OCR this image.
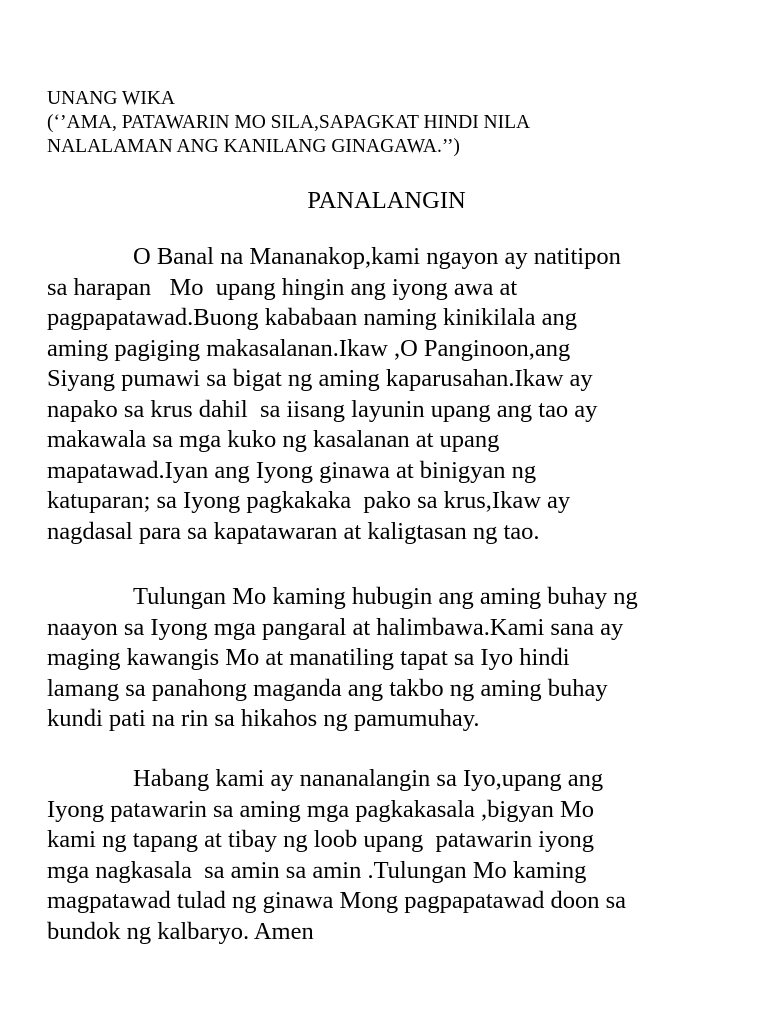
UNANG WIKA
(‘’AMA, PATAWARIN MO SILA,SAPAGKAT HINDI NILA
NALALAMAN ANG KANILANG GINAGAWA.’’)
PANALANGIN
O Banal na Mananakop,kami ngayon ay natitipon
sa harapan   Mo  upang hingin ang iyong awa at
pagpapatawad.Buong kababaan naming kinikilala ang
aming pagiging makasalanan.Ikaw ,O Panginoon,ang
Siyang pumawi sa bigat ng aming kaparusahan.Ikaw ay
napako sa krus dahil  sa iisang layunin upang ang tao ay
makawala sa mga kuko ng kasalanan at upang
mapatawad.Iyan ang Iyong ginawa at binigyan ng
katuparan; sa Iyong pagkakaka  pako sa krus,Ikaw ay
nagdasal para sa kapatawaran at kaligtasan ng tao.
Tulungan Mo kaming hubugin ang aming buhay ng
naayon sa Iyong mga pangaral at halimbawa.Kami sana ay
maging kawangis Mo at manatiling tapat sa Iyo hindi
lamang sa panahong maganda ang takbo ng aming buhay
kundi pati na rin sa hikahos ng pamumuhay.
Habang kami ay nananalangin sa Iyo,upang ang
Iyong patawarin sa aming mga pagkakasala ,bigyan Mo
kami ng tapang at tibay ng loob upang  patawarin iyong
mga nagkasala  sa amin sa amin .Tulungan Mo kaming
magpatawad tulad ng ginawa Mong pagpapatawad doon sa
bundok ng kalbaryo. Amen
